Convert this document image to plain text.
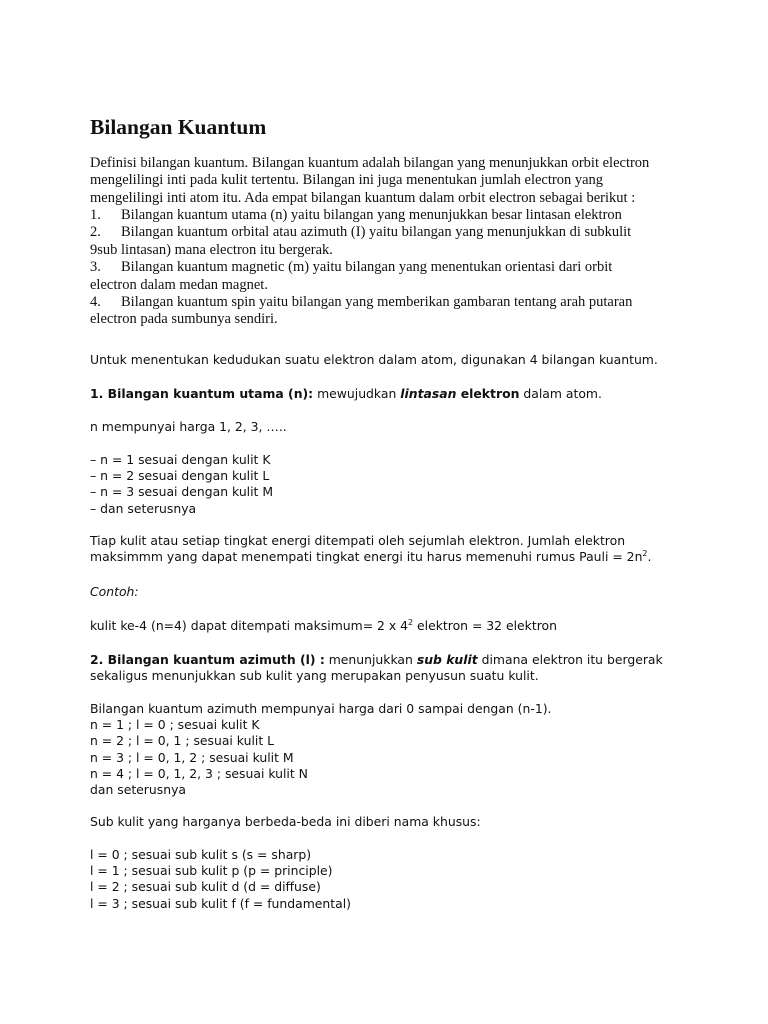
Bilangan Kuantum
Definisi bilangan kuantum. Bilangan kuantum adalah bilangan yang menunjukkan orbit electron
mengelilingi inti pada kulit tertentu. Bilangan ini juga menentukan jumlah electron yang
mengelilingi inti atom itu. Ada empat bilangan kuantum dalam orbit electron sebagai berikut :
1. Bilangan kuantum utama (n) yaitu bilangan yang menunjukkan besar lintasan elektron
2. Bilangan kuantum orbital atau azimuth (I) yaitu bilangan yang menunjukkan di subkulit
9sub lintasan) mana electron itu bergerak.
3. Bilangan kuantum magnetic (m) yaitu bilangan yang menentukan orientasi dari orbit
electron dalam medan magnet.
4. Bilangan kuantum spin yaitu bilangan yang memberikan gambaran tentang arah putaran
electron pada sumbunya sendiri.
Untuk menentukan kedudukan suatu elektron dalam atom, digunakan 4 bilangan kuantum.
1. Bilangan kuantum utama (n): mewujudkan lintasan elektron dalam atom.
n mempunyai harga 1, 2, 3, …..
– n = 1 sesuai dengan kulit K
– n = 2 sesuai dengan kulit L
– n = 3 sesuai dengan kulit M
– dan seterusnya
Tiap kulit atau setiap tingkat energi ditempati oleh sejumlah elektron. Jumlah elektron
maksimmm yang dapat menempati tingkat energi itu harus memenuhi rumus Pauli = $2n^2$.
Contoh:
kulit ke-4 (n=4) dapat ditempati maksimum= 2 x $4^2$ elektron = 32 elektron
2. Bilangan kuantum azimuth (l) : menunjukkan sub kulit dimana elektron itu bergerak
sekaligus menunjukkan sub kulit yang merupakan penyusun suatu kulit.
Bilangan kuantum azimuth mempunyai harga dari 0 sampai dengan (n-1).
n = 1 ; l = 0 ; sesuai kulit K
n = 2 ; l = 0, 1 ; sesuai kulit L
n = 3 ; l = 0, 1, 2 ; sesuai kulit M
n = 4 ; l = 0, 1, 2, 3 ; sesuai kulit N
dan seterusnya
Sub kulit yang harganya berbeda-beda ini diberi nama khusus:
l = 0 ; sesuai sub kulit s (s = sharp)
l = 1 ; sesuai sub kulit p (p = principle)
l = 2 ; sesuai sub kulit d (d = diffuse)
l = 3 ; sesuai sub kulit f (f = fundamental)
